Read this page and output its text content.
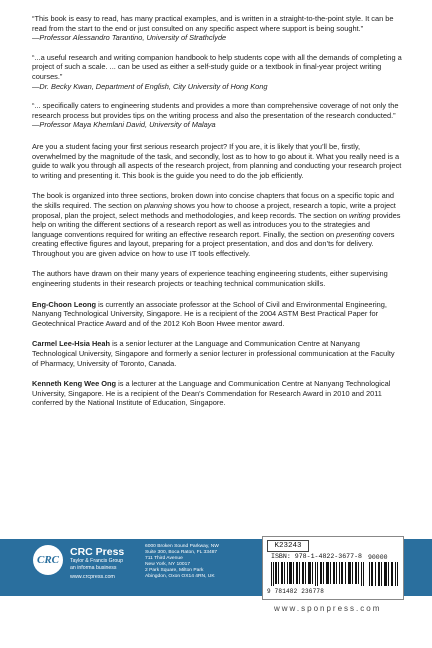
“This book is easy to read, has many practical examples, and is written in a straight-to-the-point style. It can be read from the start to the end or just consulted on any specific aspect where support is being sought.”
—Professor Alessandro Tarantino, University of Strathclyde
“...a useful research and writing companion handbook to help students cope with all the demands of completing a project of such a scale. ... can be used as either a self-study guide or a textbook in final-year project writing courses.”
—Dr. Becky Kwan, Department of English, City University of Hong Kong
“... specifically caters to engineering students and provides a more than comprehensive coverage of not only the research process but provides tips on the writing process and also the presentation of the research conducted.”
—Professor Maya Khemlani David, University of Malaya

Are you a student facing your first serious research project? If you are, it is likely that you’ll be, firstly, overwhelmed by the magnitude of the task, and secondly, lost as to how to go about it. What you really need is a guide to walk you through all aspects of the research project, from planning and conducting your research project to writing and presenting it. This book is the guide you need to do the job efficiently.

The book is organized into three sections, broken down into concise chapters that focus on a specific topic and the skills required. The section on planning shows you how to choose a project, research a topic, write a project proposal, plan the project, select methods and methodologies, and keep records. The section on writing provides help on writing the different sections of a research report as well as introduces you to the strategies and language conventions required for writing an effective research report. Finally, the section on presenting covers creating effective figures and layout, preparing for a project presentation, and dos and don’ts for delivery. Throughout you are given advice on how to use IT tools effectively.

The authors have drawn on their many years of experience teaching engineering students, either supervising engineering students in their research projects or teaching technical communication skills.

Eng-Choon Leong is currently an associate professor at the School of Civil and Environmental Engineering, Nanyang Technological University, Singapore. He is a recipient of the 2004 ASTM Best Practical Paper for Geotechnical Practice Award and of the 2012 Koh Boon Hwee mentor award.

Carmel Lee-Hsia Heah is a senior lecturer at the Language and Communication Centre at Nanyang Technological University, Singapore and formerly a senior lecturer in professional communication at the Faculty of Pharmacy, University of Toronto, Canada.

Kenneth Keng Wee Ong is a lecturer at the Language and Communication Centre at Nanyang Technological University, Singapore. He is a recipient of the Dean’s Commendation for Research Award in 2010 and 2011 conferred by the National Institute of Education, Singapore.

CRC
CRC Press
Taylor & Francis Group
an informa business
www.crcpress.com
6000 Broken Sound Parkway, NW
Suite 300, Boca Raton, FL 33487
711 Third Avenue
New York, NY 10017
2 Park Square, Milton Park
Abingdon, Oxon OX14 4RN, UK
K23243
ISBN: 978-1-4822-3677-8 90000
9 781482 236778
www.sponpress.com
